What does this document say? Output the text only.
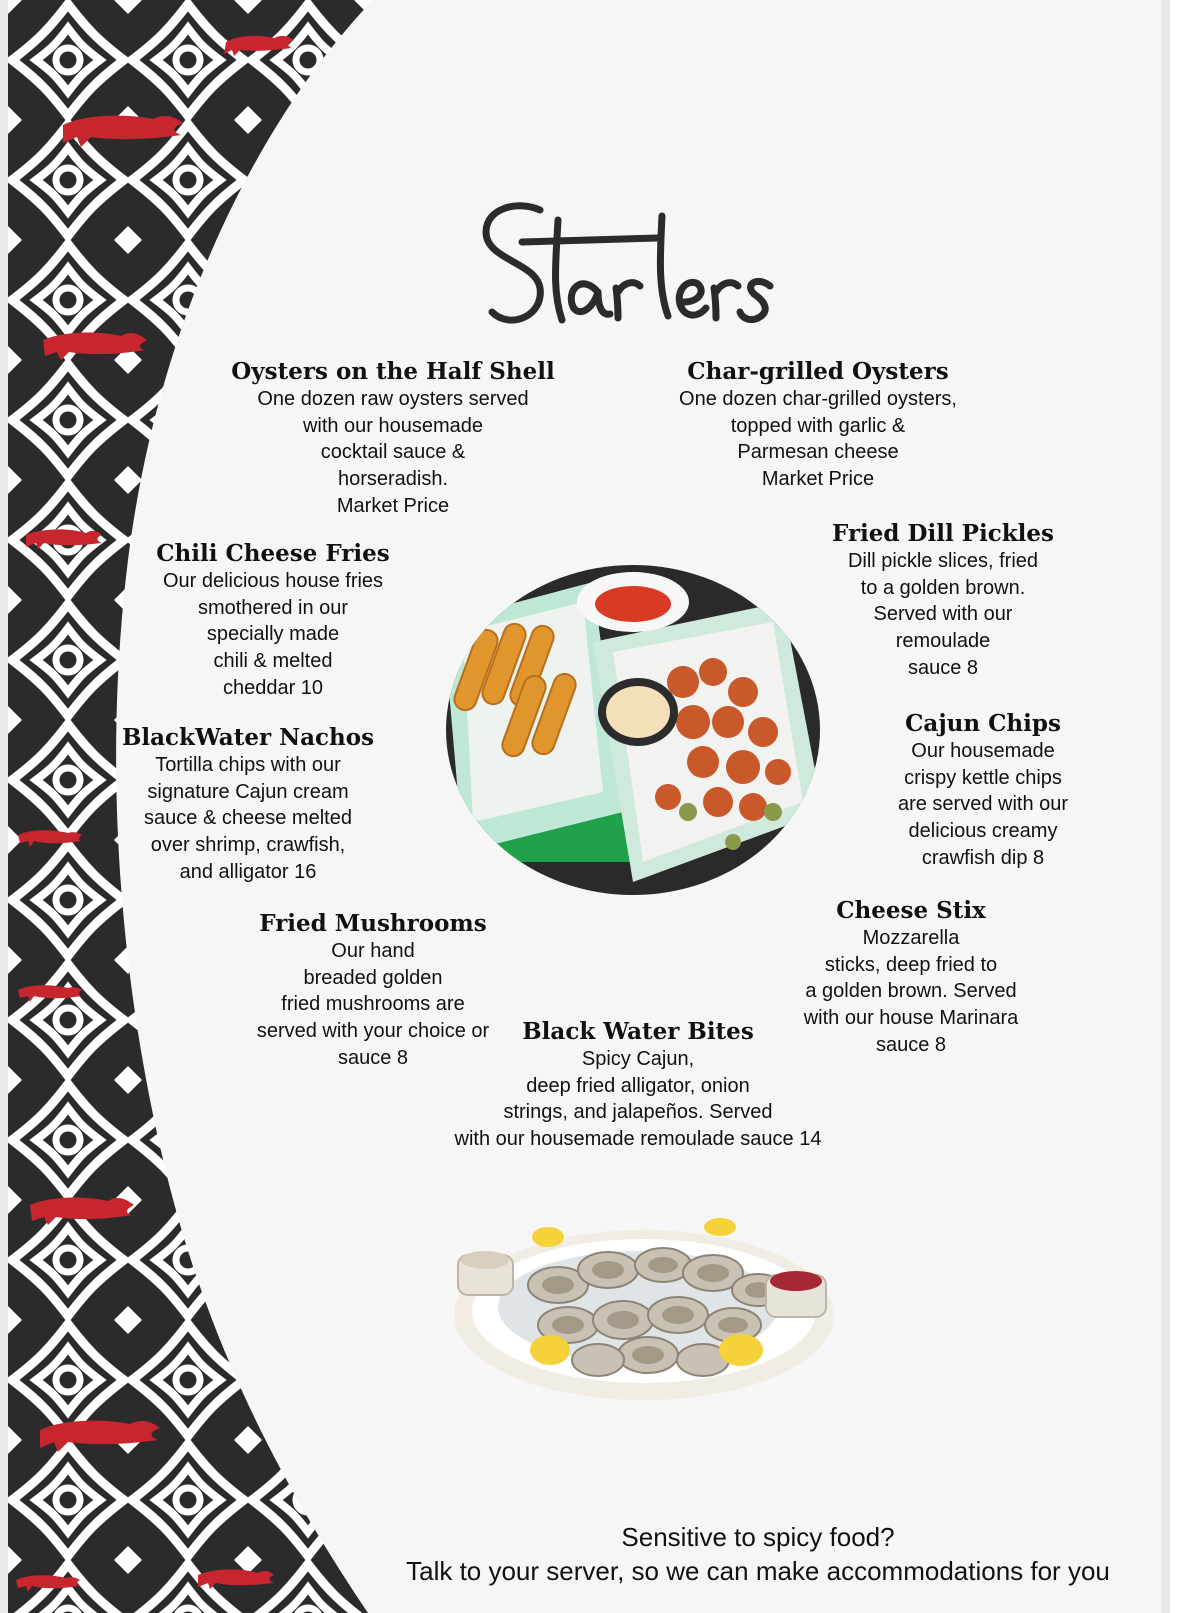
Oysters on the Half Shell

One dozen raw oysters served
with our housemade
cocktail sauce &
horseradish.
Market Price

Char-grilled Oysters

One dozen char-grilled oysters,
topped with garlic &
Parmesan cheese
Market Price

Chili Cheese Fries

Our delicious house fries
smothered in our
specially made
chili & melted
cheddar 10

Fried Dill Pickles

Dill pickle slices, fried
to a golden brown.
Served with our
remoulade
sauce 8

BlackWater Nachos

Tortilla chips with our
signature Cajun cream
sauce & cheese melted
over shrimp, crawfish,
and alligator 16

Cajun Chips

Our housemade
crispy kettle chips
are served with our
delicious creamy
crawfish dip 8

Fried Mushrooms

Our hand
breaded golden
fried mushrooms are
served with your choice or
sauce 8

Cheese Stix

Mozzarella
sticks, deep fried to
a golden brown. Served
with our house Marinara
sauce 8

Black Water Bites

Spicy Cajun,
deep fried alligator, onion
strings, and jalapeños. Served
with our housemade remoulade sauce 14

Sensitive to spicy food?
Talk to your server, so we can make accommodations for you
